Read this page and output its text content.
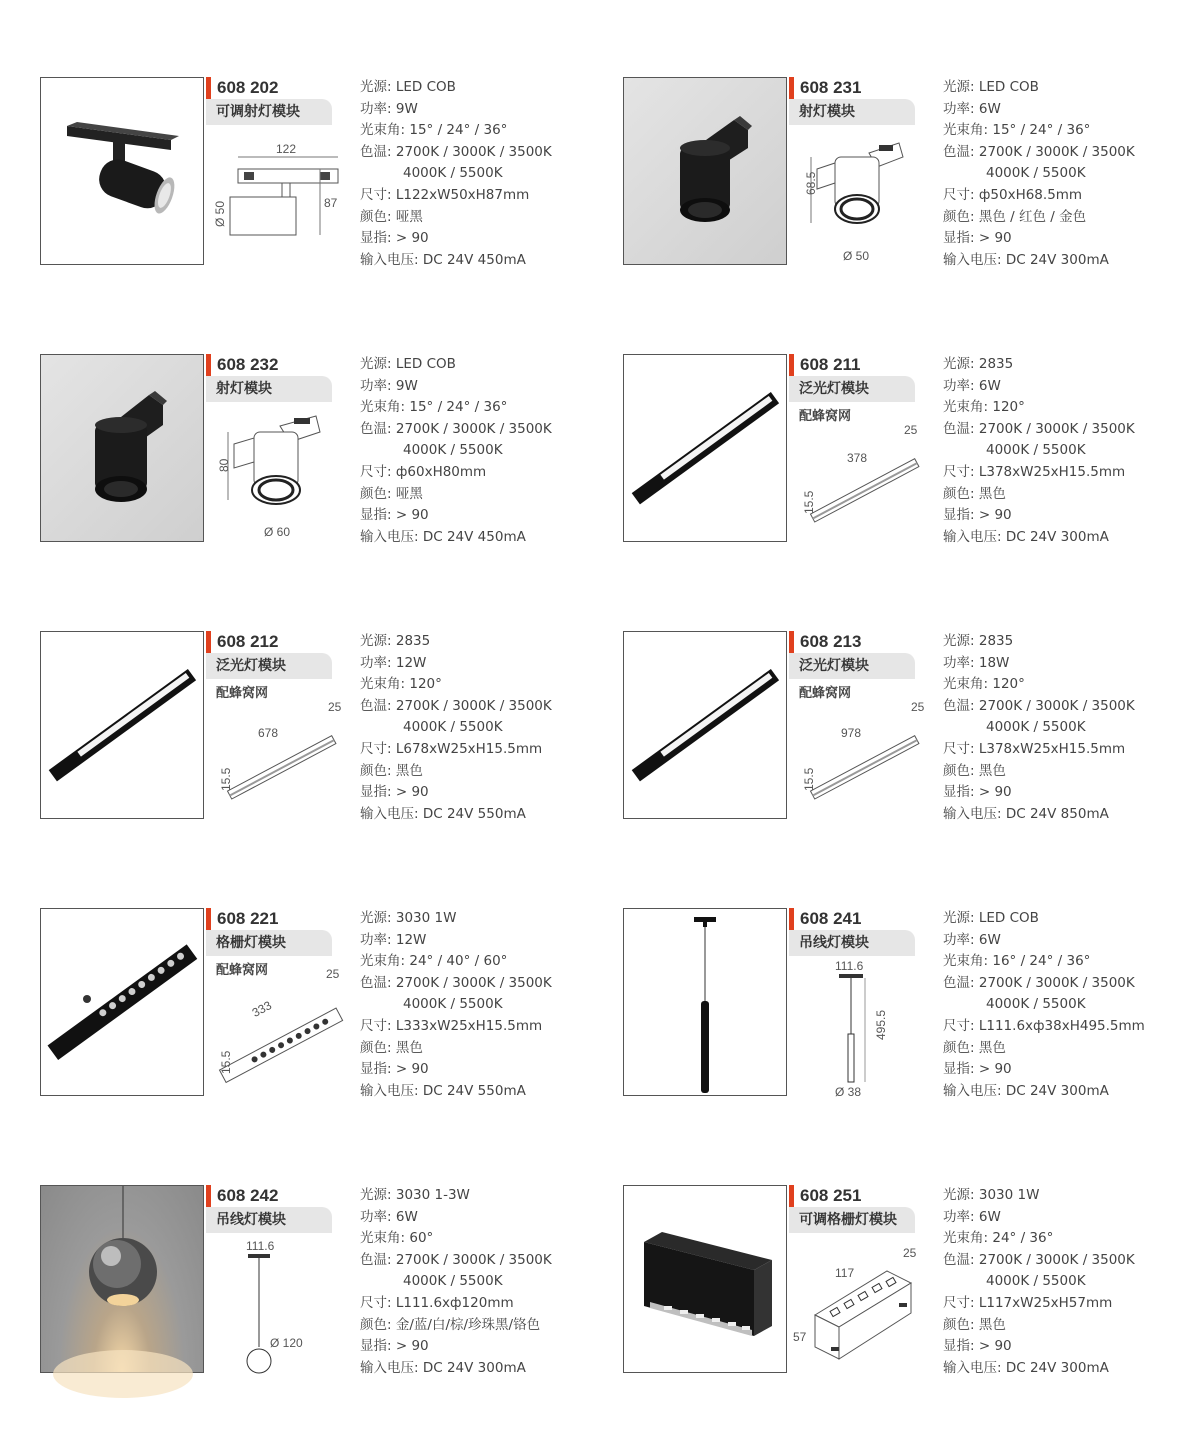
608 202
可调射灯模块
122
87
Ø 50
光源: LED COB
功率: 9W
光束角: 15° / 24° / 36°
色温: 2700K / 3000K / 3500K
4000K / 5500K
尺寸: L122xW50xH87mm
颜色: 哑黑
显指: > 90
输入电压: DC 24V 450mA
608 231
射灯模块
68.5
Ø 50
光源: LED COB
功率: 6W
光束角: 15° / 24° / 36°
色温: 2700K / 3000K / 3500K
4000K / 5500K
尺寸: ф50xH68.5mm
颜色: 黑色 / 红色 / 金色
显指: > 90
输入电压: DC 24V 300mA
608 232
射灯模块
80
Ø 60
光源: LED COB
功率: 9W
光束角: 15° / 24° / 36°
色温: 2700K / 3000K / 3500K
4000K / 5500K
尺寸: ф60xH80mm
颜色: 哑黑
显指: > 90
输入电压: DC 24V 450mA
608 211
泛光灯模块
配蜂窝网
378
25
15.5
光源: 2835
功率: 6W
光束角: 120°
色温: 2700K / 3000K / 3500K
4000K / 5500K
尺寸: L378xW25xH15.5mm
颜色: 黑色
显指: > 90
输入电压: DC 24V 300mA
608 212
泛光灯模块
配蜂窝网
678
25
15.5
光源: 2835
功率: 12W
光束角: 120°
色温: 2700K / 3000K / 3500K
4000K / 5500K
尺寸: L678xW25xH15.5mm
颜色: 黑色
显指: > 90
输入电压: DC 24V 550mA
608 213
泛光灯模块
配蜂窝网
978
25
15.5
光源: 2835
功率: 18W
光束角: 120°
色温: 2700K / 3000K / 3500K
4000K / 5500K
尺寸: L378xW25xH15.5mm
颜色: 黑色
显指: > 90
输入电压: DC 24V 850mA
608 221
格栅灯模块
配蜂窝网
333
25
15.5
光源: 3030 1W
功率: 12W
光束角: 24° / 40° / 60°
色温: 2700K / 3000K / 3500K
4000K / 5500K
尺寸: L333xW25xH15.5mm
颜色: 黑色
显指: > 90
输入电压: DC 24V 550mA
608 241
吊线灯模块
111.6
495.5
Ø 38
光源: LED COB
功率: 6W
光束角: 16° / 24° / 36°
色温: 2700K / 3000K / 3500K
4000K / 5500K
尺寸: L111.6xф38xH495.5mm
颜色: 黑色
显指: > 90
输入电压: DC 24V 300mA
608 242
吊线灯模块
111.6
Ø 120
光源: 3030 1-3W
功率: 6W
光束角: 60°
色温: 2700K / 3000K / 3500K
4000K / 5500K
尺寸: L111.6xф120mm
颜色: 金/蓝/白/棕/珍珠黑/铬色
显指: > 90
输入电压: DC 24V 300mA
608 251
可调格栅灯模块
117
25
57
光源: 3030 1W
功率: 6W
光束角: 24° / 36°
色温: 2700K / 3000K / 3500K
4000K / 5500K
尺寸: L117xW25xH57mm
颜色: 黑色
显指: > 90
输入电压: DC 24V 300mA
